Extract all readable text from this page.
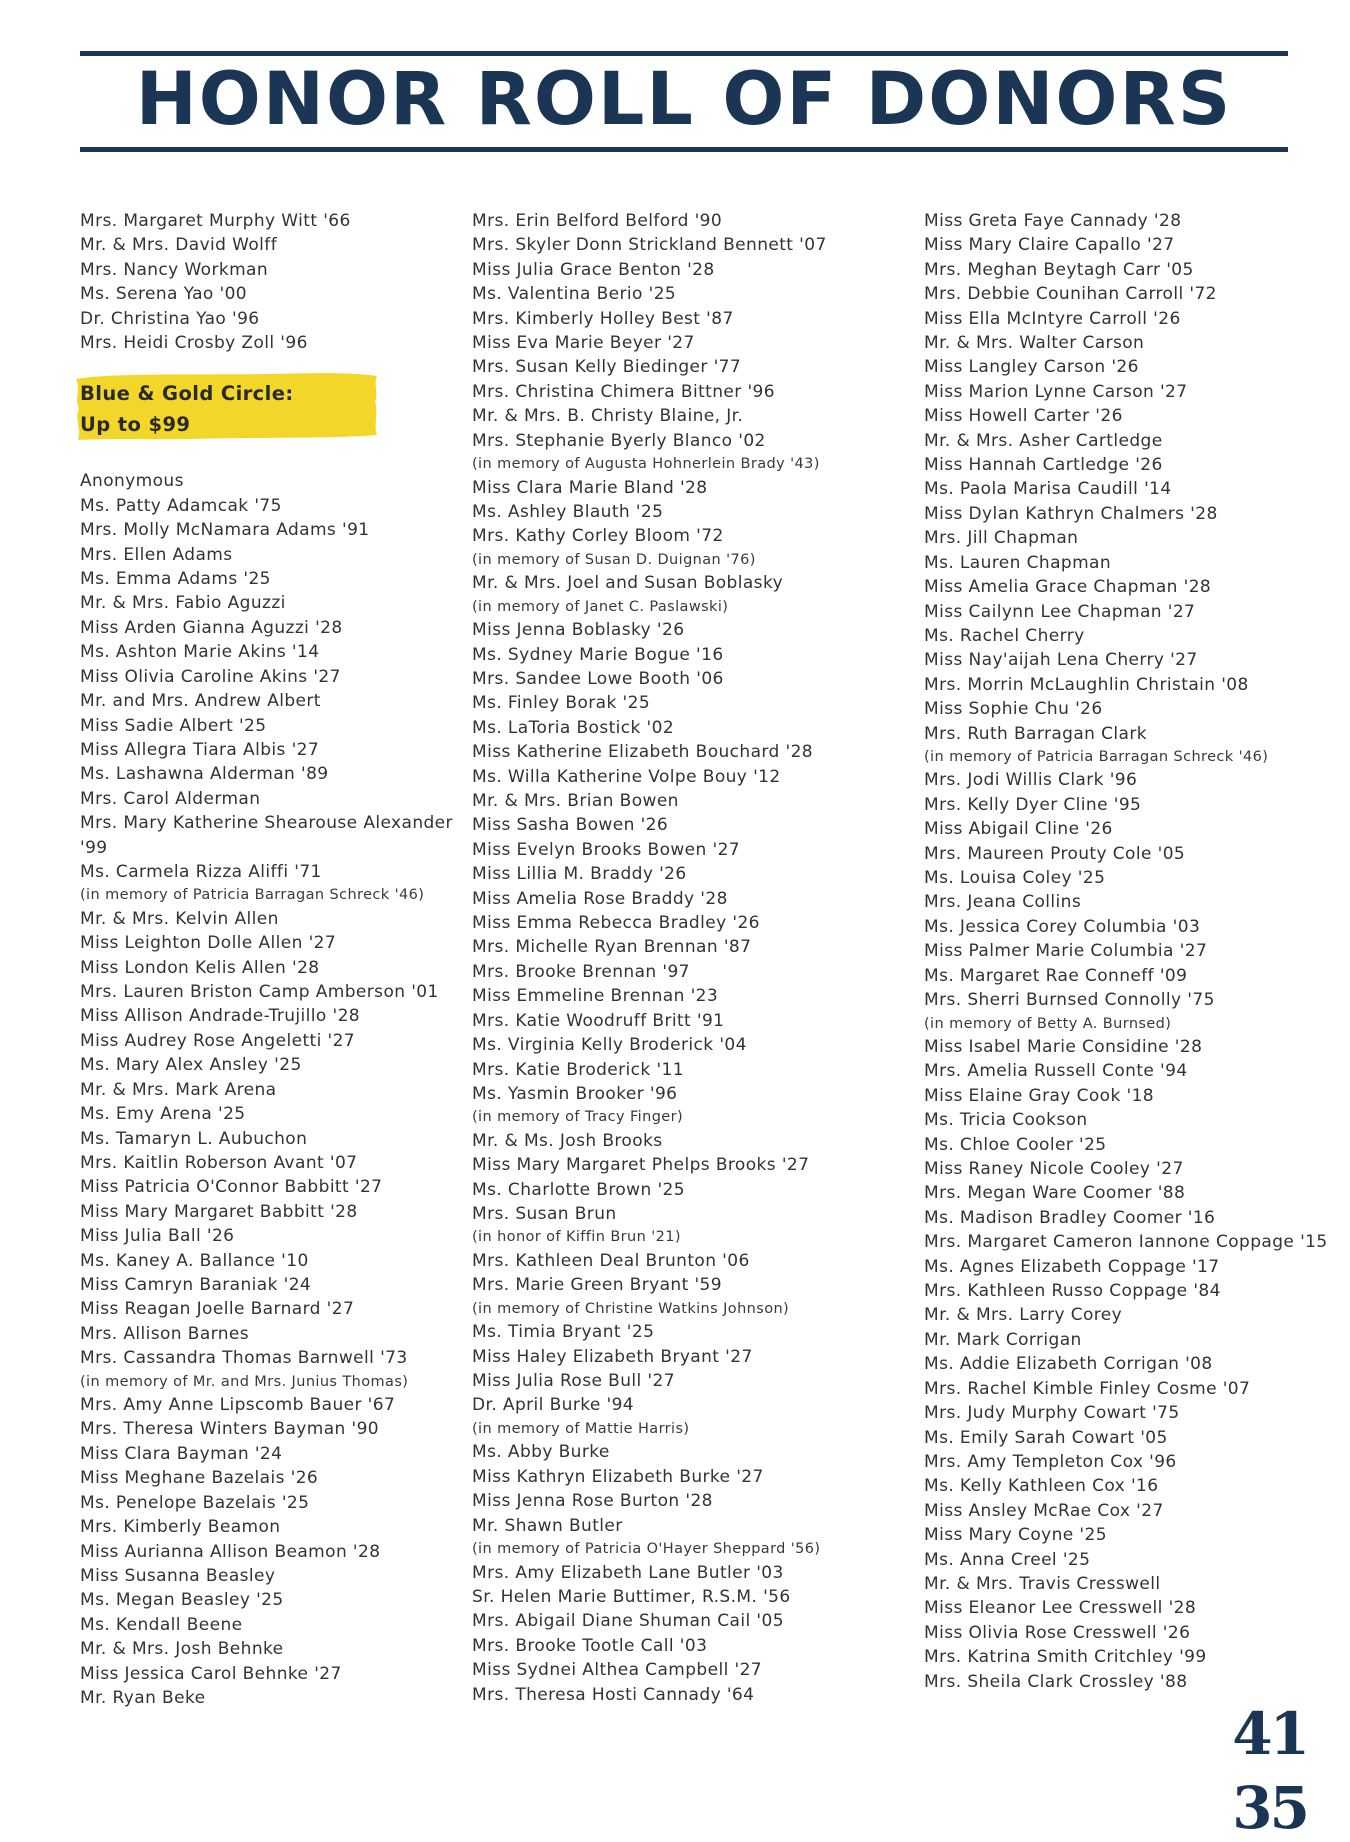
HONOR ROLL OF DONORS
Mrs. Margaret Murphy Witt '66
Mr. & Mrs. David Wolff
Mrs. Nancy Workman
Ms. Serena Yao '00
Dr. Christina Yao '96
Mrs. Heidi Crosby Zoll '96
Blue & Gold Circle:
Up to $99
Anonymous
Ms. Patty Adamcak '75
Mrs. Molly McNamara Adams '91
Mrs. Ellen Adams
Ms. Emma Adams '25
Mr. & Mrs. Fabio Aguzzi
Miss Arden Gianna Aguzzi '28
Ms. Ashton Marie Akins '14
Miss Olivia Caroline Akins '27
Mr. and Mrs. Andrew Albert
Miss Sadie Albert '25
Miss Allegra Tiara Albis '27
Ms. Lashawna Alderman '89
Mrs. Carol Alderman
Mrs. Mary Katherine Shearouse Alexander '99
Ms. Carmela Rizza Aliffi '71
(in memory of Patricia Barragan Schreck '46)
Mr. & Mrs. Kelvin Allen
Miss Leighton Dolle Allen '27
Miss London Kelis Allen '28
Mrs. Lauren Briston Camp Amberson '01
Miss Allison Andrade-Trujillo '28
Miss Audrey Rose Angeletti '27
Ms. Mary Alex Ansley '25
Mr. & Mrs. Mark Arena
Ms. Emy Arena '25
Ms. Tamaryn L. Aubuchon
Mrs. Kaitlin Roberson Avant '07
Miss Patricia O'Connor Babbitt '27
Miss Mary Margaret Babbitt '28
Miss Julia Ball '26
Ms. Kaney A. Ballance '10
Miss Camryn Baraniak '24
Miss Reagan Joelle Barnard '27
Mrs. Allison Barnes
Mrs. Cassandra Thomas Barnwell '73
(in memory of Mr. and Mrs. Junius Thomas)
Mrs. Amy Anne Lipscomb Bauer '67
Mrs. Theresa Winters Bayman '90
Miss Clara Bayman '24
Miss Meghane Bazelais '26
Ms. Penelope Bazelais '25
Mrs. Kimberly Beamon
Miss Aurianna Allison Beamon '28
Miss Susanna Beasley
Ms. Megan Beasley '25
Ms. Kendall Beene
Mr. & Mrs. Josh Behnke
Miss Jessica Carol Behnke '27
Mr. Ryan Beke
Mrs. Erin Belford Belford '90
Mrs. Skyler Donn Strickland Bennett '07
Miss Julia Grace Benton '28
Ms. Valentina Berio '25
Mrs. Kimberly Holley Best '87
Miss Eva Marie Beyer '27
Mrs. Susan Kelly Biedinger '77
Mrs. Christina Chimera Bittner '96
Mr. & Mrs. B. Christy Blaine, Jr.
Mrs. Stephanie Byerly Blanco '02
(in memory of Augusta Hohnerlein Brady '43)
Miss Clara Marie Bland '28
Ms. Ashley Blauth '25
Mrs. Kathy Corley Bloom '72
(in memory of Susan D. Duignan '76)
Mr. & Mrs. Joel and Susan Boblasky
(in memory of Janet C. Paslawski)
Miss Jenna Boblasky '26
Ms. Sydney Marie Bogue '16
Mrs. Sandee Lowe Booth '06
Ms. Finley Borak '25
Ms. LaToria Bostick '02
Miss Katherine Elizabeth Bouchard '28
Ms. Willa Katherine Volpe Bouy '12
Mr. & Mrs. Brian Bowen
Miss Sasha Bowen '26
Miss Evelyn Brooks Bowen '27
Miss Lillia M. Braddy '26
Miss Amelia Rose Braddy '28
Miss Emma Rebecca Bradley '26
Mrs. Michelle Ryan Brennan '87
Mrs. Brooke Brennan '97
Miss Emmeline Brennan '23
Mrs. Katie Woodruff Britt '91
Ms. Virginia Kelly Broderick '04
Mrs. Katie Broderick '11
Ms. Yasmin Brooker '96
(in memory of Tracy Finger)
Mr. & Ms. Josh Brooks
Miss Mary Margaret Phelps Brooks '27
Ms. Charlotte Brown '25
Mrs. Susan Brun
(in honor of Kiffin Brun '21)
Mrs. Kathleen Deal Brunton '06
Mrs. Marie Green Bryant '59
(in memory of Christine Watkins Johnson)
Ms. Timia Bryant '25
Miss Haley Elizabeth Bryant '27
Miss Julia Rose Bull '27
Dr. April Burke '94
(in memory of Mattie Harris)
Ms. Abby Burke
Miss Kathryn Elizabeth Burke '27
Miss Jenna Rose Burton '28
Mr. Shawn Butler
(in memory of Patricia O'Hayer Sheppard '56)
Mrs. Amy Elizabeth Lane Butler '03
Sr. Helen Marie Buttimer, R.S.M. '56
Mrs. Abigail Diane Shuman Cail '05
Mrs. Brooke Tootle Call '03
Miss Sydnei Althea Campbell '27
Mrs. Theresa Hosti Cannady '64
Miss Greta Faye Cannady '28
Miss Mary Claire Capallo '27
Mrs. Meghan Beytagh Carr '05
Mrs. Debbie Counihan Carroll '72
Miss Ella McIntyre Carroll '26
Mr. & Mrs. Walter Carson
Miss Langley Carson '26
Miss Marion Lynne Carson '27
Miss Howell Carter '26
Mr. & Mrs. Asher Cartledge
Miss Hannah Cartledge '26
Ms. Paola Marisa Caudill '14
Miss Dylan Kathryn Chalmers '28
Mrs. Jill Chapman
Ms. Lauren Chapman
Miss Amelia Grace Chapman '28
Miss Cailynn Lee Chapman '27
Ms. Rachel Cherry
Miss Nay'aijah Lena Cherry '27
Mrs. Morrin McLaughlin Christain '08
Miss Sophie Chu '26
Mrs. Ruth Barragan Clark
(in memory of Patricia Barragan Schreck '46)
Mrs. Jodi Willis Clark '96
Mrs. Kelly Dyer Cline '95
Miss Abigail Cline '26
Mrs. Maureen Prouty Cole '05
Ms. Louisa Coley '25
Mrs. Jeana Collins
Ms. Jessica Corey Columbia '03
Miss Palmer Marie Columbia '27
Ms. Margaret Rae Conneff '09
Mrs. Sherri Burnsed Connolly '75
(in memory of Betty A. Burnsed)
Miss Isabel Marie Considine '28
Mrs. Amelia Russell Conte '94
Miss Elaine Gray Cook '18
Ms. Tricia Cookson
Ms. Chloe Cooler '25
Miss Raney Nicole Cooley '27
Mrs. Megan Ware Coomer '88
Ms. Madison Bradley Coomer '16
Mrs. Margaret Cameron Iannone Coppage '15
Ms. Agnes Elizabeth Coppage '17
Mrs. Kathleen Russo Coppage '84
Mr. & Mrs. Larry Corey
Mr. Mark Corrigan
Ms. Addie Elizabeth Corrigan '08
Mrs. Rachel Kimble Finley Cosme '07
Mrs. Judy Murphy Cowart '75
Ms. Emily Sarah Cowart '05
Mrs. Amy Templeton Cox '96
Ms. Kelly Kathleen Cox '16
Miss Ansley McRae Cox '27
Miss Mary Coyne '25
Ms. Anna Creel '25
Mr. & Mrs. Travis Cresswell
Miss Eleanor Lee Cresswell '28
Miss Olivia Rose Cresswell '26
Mrs. Katrina Smith Critchley '99
Mrs. Sheila Clark Crossley '88
41
35
